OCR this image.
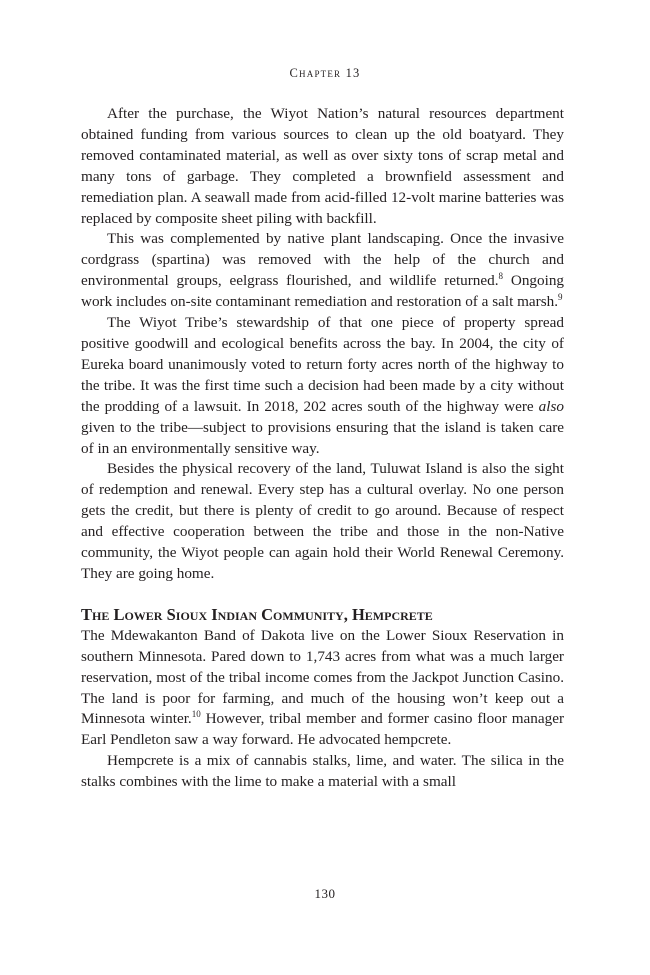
Chapter 13

After the purchase, the Wiyot Nation’s natural resources department obtained funding from various sources to clean up the old boatyard. They removed contaminated material, as well as over sixty tons of scrap metal and many tons of garbage. They completed a brownfield assessment and remediation plan. A seawall made from acid-filled 12-volt marine batteries was replaced by composite sheet piling with backfill.

This was complemented by native plant landscaping. Once the invasive cordgrass (spartina) was removed with the help of the church and environmental groups, eelgrass flourished, and wildlife returned.$^8$ Ongoing work includes on-site contaminant remediation and restoration of a salt marsh.$^9$

The Wiyot Tribe’s stewardship of that one piece of property spread positive goodwill and ecological benefits across the bay. In 2004, the city of Eureka board unanimously voted to return forty acres north of the highway to the tribe. It was the first time such a decision had been made by a city without the prodding of a lawsuit. In 2018, 202 acres south of the highway were also given to the tribe—subject to provisions ensuring that the island is taken care of in an environmentally sensitive way.

Besides the physical recovery of the land, Tuluwat Island is also the sight of redemption and renewal. Every step has a cultural overlay. No one person gets the credit, but there is plenty of credit to go around. Because of respect and effective cooperation between the tribe and those in the non-Native community, the Wiyot people can again hold their World Renewal Ceremony. They are going home.

The Lower Sioux Indian Community, Hempcrete

The Mdewakanton Band of Dakota live on the Lower Sioux Reservation in southern Minnesota. Pared down to 1,743 acres from what was a much larger reservation, most of the tribal income comes from the Jackpot Junction Casino. The land is poor for farming, and much of the housing won’t keep out a Minnesota winter.$^{10}$ However, tribal member and former casino floor manager Earl Pendleton saw a way forward. He advocated hempcrete.

Hempcrete is a mix of cannabis stalks, lime, and water. The silica in the stalks combines with the lime to make a material with a small

130
